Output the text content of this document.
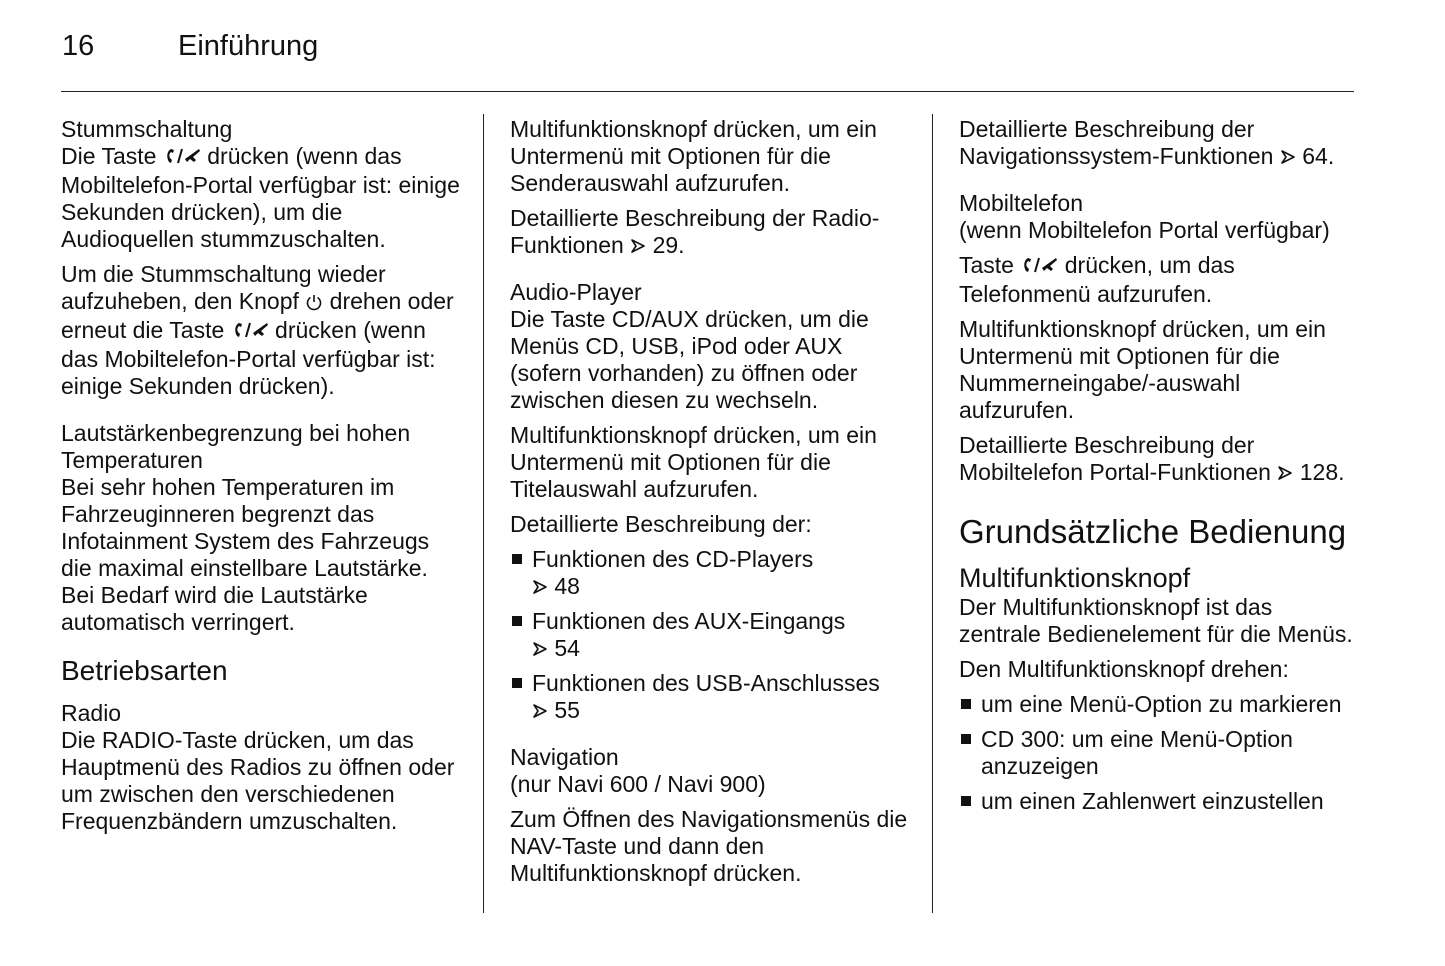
16	Einführung
Stummschaltung

Die Taste  drücken (wenn das Mobiltelefon-Portal verfügbar ist: einige Sekunden drücken), um die Audioquellen stummzuschalten.

Um die Stummschaltung wieder aufzuheben, den Knopf  drehen oder erneut die Taste  drücken (wenn das Mobiltelefon-Portal verfügbar ist: einige Sekunden drücken).

Lautstärkenbegrenzung bei hohen Temperaturen

Bei sehr hohen Temperaturen im Fahrzeuginneren begrenzt das Infotainment System des Fahrzeugs die maximal einstellbare Lautstärke. Bei Bedarf wird die Lautstärke automatisch verringert.

Betriebsarten
Radio

Die RADIO-Taste drücken, um das Hauptmenü des Radios zu öffnen oder um zwischen den verschiedenen Frequenzbändern umzuschalten.

Multifunktionsknopf drücken, um ein Untermenü mit Optionen für die Senderauswahl aufzurufen.

Detaillierte Beschreibung der Radio-Funktionen
29.

Audio-Player

Die Taste CD/AUX drücken, um die Menüs CD, USB, iPod oder AUX (sofern vorhanden) zu öffnen oder zwischen diesen zu wechseln.

Multifunktionsknopf drücken, um ein Untermenü mit Optionen für die Titelauswahl aufzurufen.

Detaillierte Beschreibung der:

Funktionen des CD-Players

48
Funktionen des AUX-Eingangs

54
Funktionen des USB-Anschlusses

55
Navigation

(nur Navi 600 / Navi 900)

Zum Öffnen des Navigationsmenüs die NAV-Taste und dann den Multifunktionsknopf drücken.

Detaillierte Beschreibung der Navigationssystem-Funktionen
64.

Mobiltelefon

(wenn Mobiltelefon Portal verfügbar)

Taste  drücken, um das Telefonmenü aufzurufen.

Multifunktionsknopf drücken, um ein Untermenü mit Optionen für die Nummerneingabe/-auswahl aufzurufen.

Detaillierte Beschreibung der Mobiltelefon Portal-Funktionen
128.

Grundsätzliche Bedienung
Multifunktionsknopf

Der Multifunktionsknopf ist das zentrale Bedienelement für die Menüs.

Den Multifunktionsknopf drehen:

um eine Menü-Option zu markieren
CD 300: um eine Menü-Option anzuzeigen
um einen Zahlenwert einzustellen
